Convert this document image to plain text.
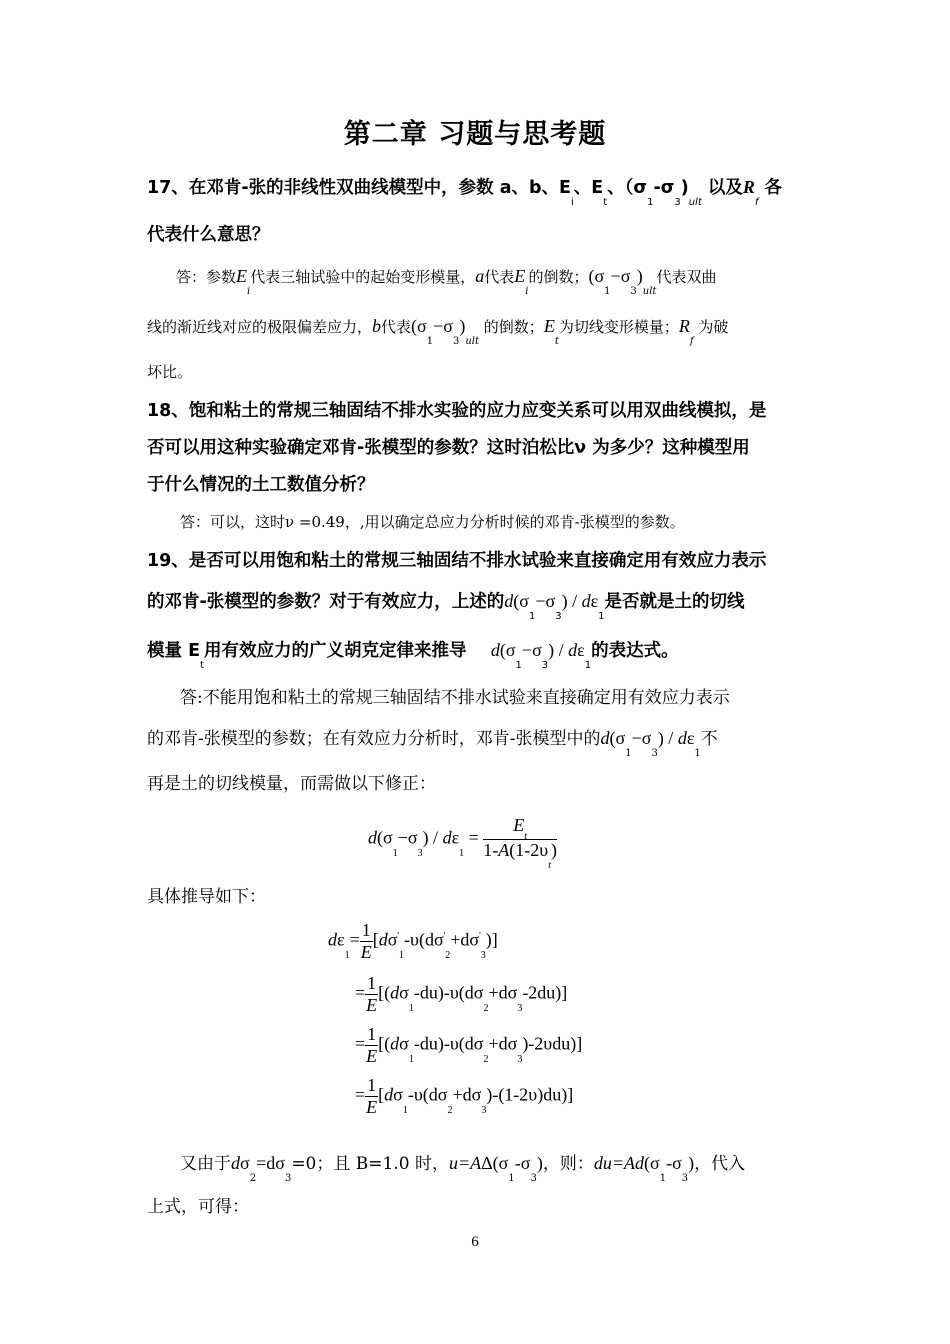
第二章 习题与思考题
17、在邓肯-张的非线性双曲线模型中，参数 a、b、$E_i$、$E_t$、$(\sigma_1-\sigma_3)_{ult}$ 以及$R_f$ 各
代表什么意思？
答：参数$E_i$代表三轴试验中的起始变形模量，a代表$E_i$的倒数；$(\sigma_1-\sigma_3)_{ult}$代表双曲
线的渐近线对应的极限偏差应力，b代表$(\sigma_1-\sigma_3)_{ult}$ 的倒数；$E_t$为切线变形模量；$R_f$ 为破
坏比。
18、饱和粘土的常规三轴固结不排水实验的应力应变关系可以用双曲线模拟，是
否可以用这种实验确定邓肯-张模型的参数？这时泊松比ν 为多少？这种模型用
于什么情况的土工数值分析？
答：可以，这时ν =0.49，,用以确定总应力分析时候的邓肯-张模型的参数。
19、是否可以用饱和粘土的常规三轴固结不排水试验来直接确定用有效应力表示
的邓肯-张模型的参数？对于有效应力，上述的$d(\sigma_1-\sigma_3) / d\varepsilon_1$是否就是土的切线
模量 $E_t$用有效应力的广义胡克定律来推导 $d(\sigma_1-\sigma_3) / d\varepsilon_1$的表达式。
答:不能用饱和粘土的常规三轴固结不排水试验来直接确定用有效应力表示
的邓肯-张模型的参数；在有效应力分析时，邓肯-张模型中的$d(\sigma_1-\sigma_3) / d\varepsilon_1$不
再是土的切线模量，而需做以下修正：
$d(\sigma_1-\sigma_3) / d\varepsilon_1 = \frac{E_t}{1-A(1-2\upsilon_t)}$
具体推导如下：
$d\varepsilon_1= \frac{1}{E} [d\sigma'_1-\upsilon(d\sigma'_2+d\sigma'_3)]$
= $\frac{1}{E} [(d\sigma_1-du)-\upsilon(d\sigma_2+d\sigma_3-2du)]$
= $\frac{1}{E} [(d\sigma_1-du)-\upsilon(d\sigma_2+d\sigma_3)-2\upsilon du)$]
= $\frac{1}{E} [d\sigma_1-\upsilon(d\sigma_2+d\sigma_3)-(1-2\upsilon)du)$]
又由于$d\sigma_2=d\sigma_3=0$；且 B=1.0 时，$u=A\Delta(\sigma_1-\sigma_3)$，则：$du=Ad(\sigma_1-\sigma_3)$，代入
上式，可得：
6
